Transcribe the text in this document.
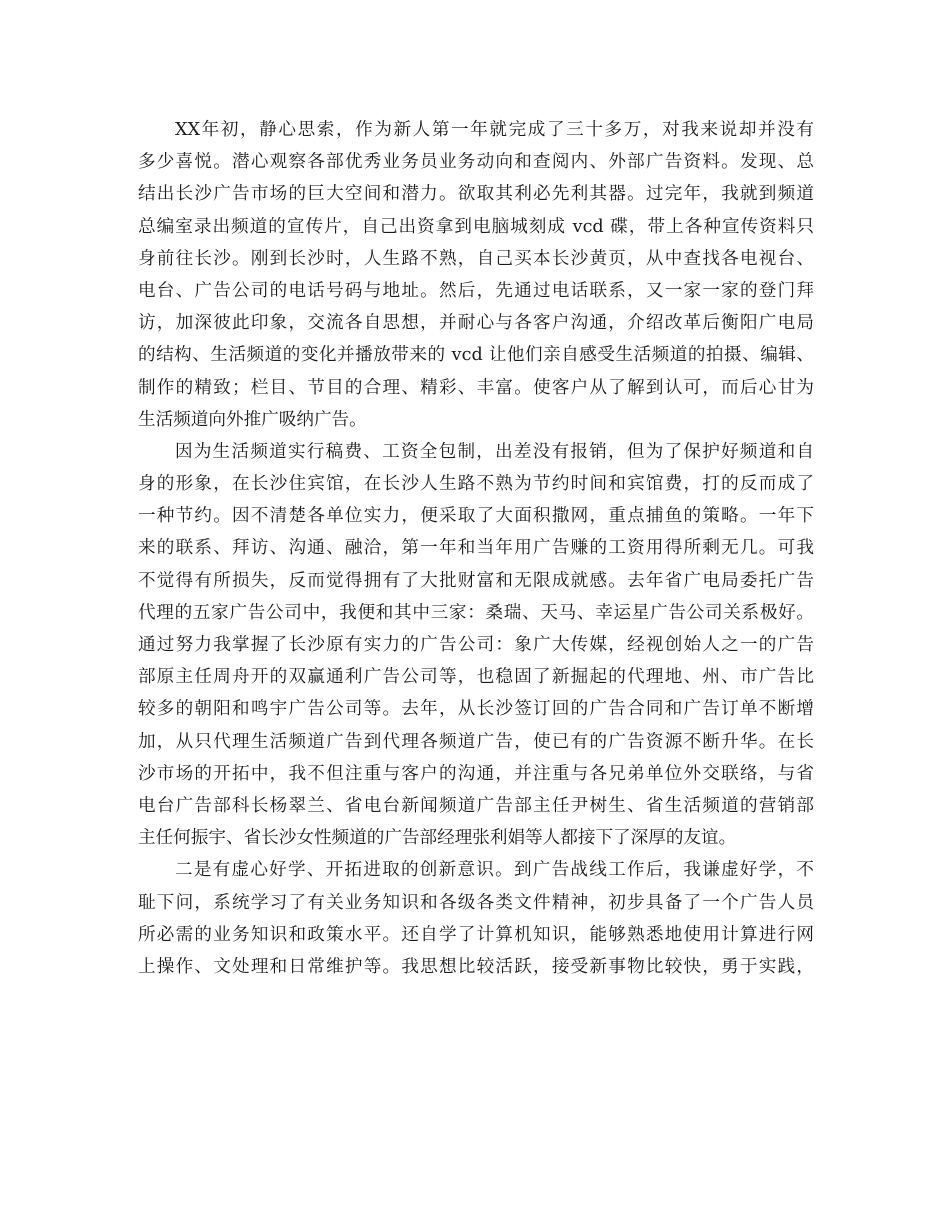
XX年初，静心思索，作为新人第一年就完成了三十多万，对我来说却并没有
多少喜悦。潜心观察各部优秀业务员业务动向和查阅内、外部广告资料。发现、总
结出长沙广告市场的巨大空间和潜力。欲取其利必先利其器。过完年，我就到频道
总编室录出频道的宣传片，自己出资拿到电脑城刻成 vcd 碟，带上各种宣传资料只
身前往长沙。刚到长沙时，人生路不熟，自己买本长沙黄页，从中查找各电视台、
电台、广告公司的电话号码与地址。然后，先通过电话联系，又一家一家的登门拜
访，加深彼此印象，交流各自思想，并耐心与各客户沟通，介绍改革后衡阳广电局
的结构、生活频道的变化并播放带来的 vcd 让他们亲自感受生活频道的拍摄、编辑、
制作的精致；栏目、节目的合理、精彩、丰富。使客户从了解到认可，而后心甘为
生活频道向外推广吸纳广告。
因为生活频道实行稿费、工资全包制，出差没有报销，但为了保护好频道和自
身的形象，在长沙住宾馆，在长沙人生路不熟为节约时间和宾馆费，打的反而成了
一种节约。因不清楚各单位实力，便采取了大面积撒网，重点捕鱼的策略。一年下
来的联系、拜访、沟通、融洽，第一年和当年用广告赚的工资用得所剩无几。可我
不觉得有所损失，反而觉得拥有了大批财富和无限成就感。去年省广电局委托广告
代理的五家广告公司中，我便和其中三家：桑瑞、天马、幸运星广告公司关系极好。
通过努力我掌握了长沙原有实力的广告公司：象广大传媒，经视创始人之一的广告
部原主任周舟开的双赢通利广告公司等，也稳固了新掘起的代理地、州、市广告比
较多的朝阳和鸣宇广告公司等。去年，从长沙签订回的广告合同和广告订单不断增
加，从只代理生活频道广告到代理各频道广告，使已有的广告资源不断升华。在长
沙市场的开拓中，我不但注重与客户的沟通，并注重与各兄弟单位外交联络，与省
电台广告部科长杨翠兰、省电台新闻频道广告部主任尹树生、省生活频道的营销部
主任何振宇、省长沙女性频道的广告部经理张利娟等人都接下了深厚的友谊。
二是有虚心好学、开拓进取的创新意识。到广告战线工作后，我谦虚好学，不
耻下问，系统学习了有关业务知识和各级各类文件精神，初步具备了一个广告人员
所必需的业务知识和政策水平。还自学了计算机知识，能够熟悉地使用计算进行网
上操作、文处理和日常维护等。我思想比较活跃，接受新事物比较快，勇于实践，
